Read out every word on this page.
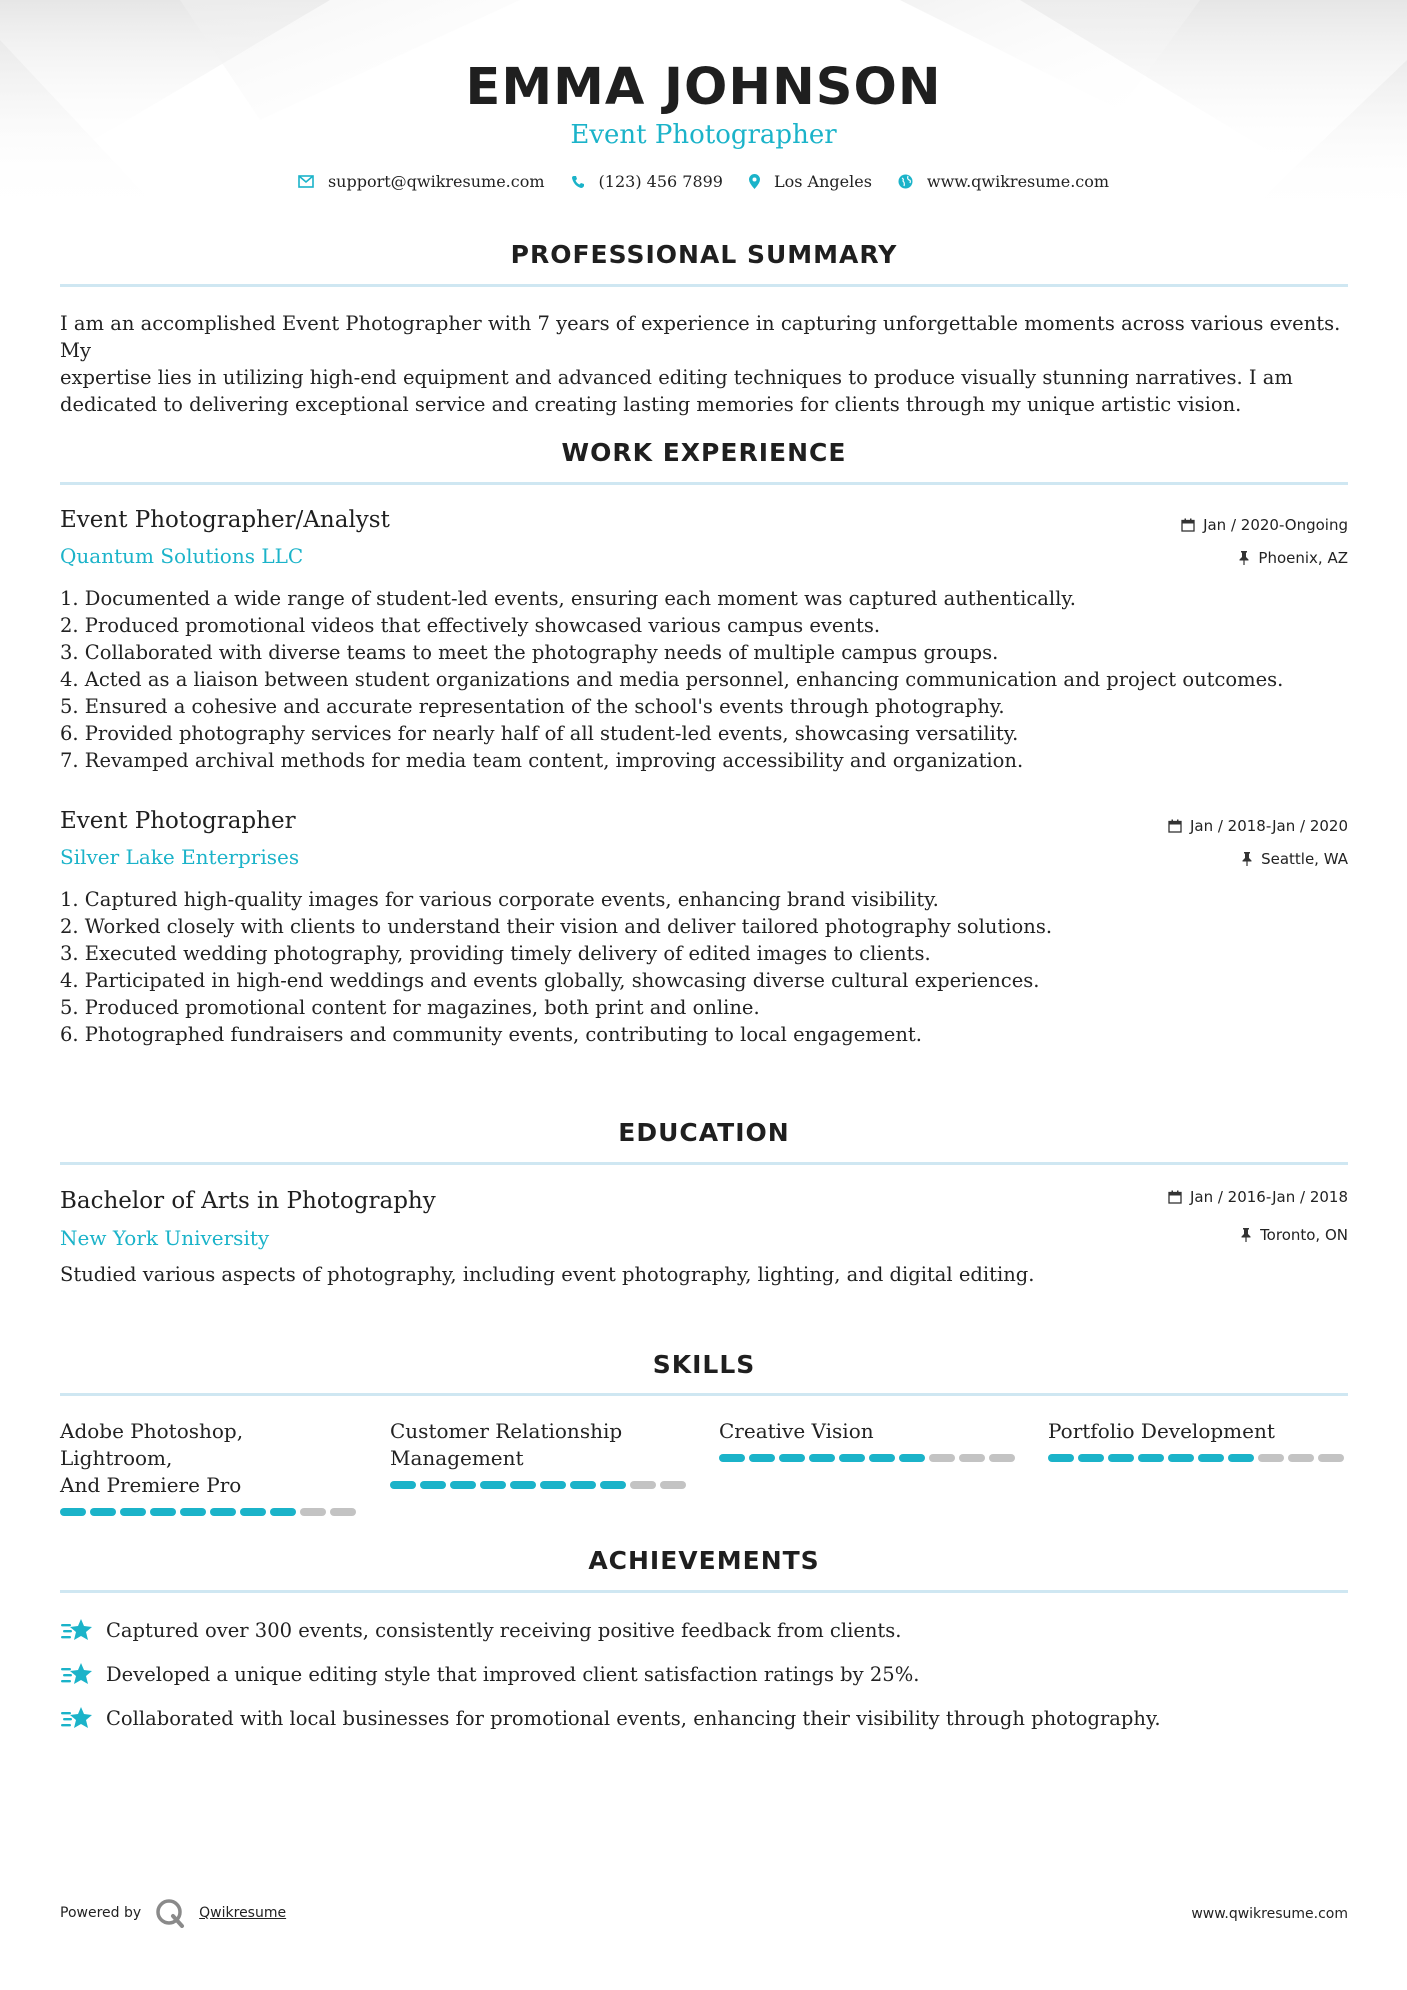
EMMA JOHNSON
Event Photographer
support@qwikresume.com	(123) 456 7899	Los Angeles	www.qwikresume.com
PROFESSIONAL SUMMARY
I am an accomplished Event Photographer with 7 years of experience in capturing unforgettable moments across various events. My
expertise lies in utilizing high-end equipment and advanced editing techniques to produce visually stunning narratives. I am
dedicated to delivering exceptional service and creating lasting memories for clients through my unique artistic vision.
WORK EXPERIENCE
Event Photographer/Analyst
Quantum Solutions LLC
Jan / 2020-Ongoing
Phoenix, AZ
1. Documented a wide range of student-led events, ensuring each moment was captured authentically.
2. Produced promotional videos that effectively showcased various campus events.
3. Collaborated with diverse teams to meet the photography needs of multiple campus groups.
4. Acted as a liaison between student organizations and media personnel, enhancing communication and project outcomes.
5. Ensured a cohesive and accurate representation of the school's events through photography.
6. Provided photography services for nearly half of all student-led events, showcasing versatility.
7. Revamped archival methods for media team content, improving accessibility and organization.
Event Photographer
Silver Lake Enterprises
Jan / 2018-Jan / 2020
Seattle, WA
1. Captured high-quality images for various corporate events, enhancing brand visibility.
2. Worked closely with clients to understand their vision and deliver tailored photography solutions.
3. Executed wedding photography, providing timely delivery of edited images to clients.
4. Participated in high-end weddings and events globally, showcasing diverse cultural experiences.
5. Produced promotional content for magazines, both print and online.
6. Photographed fundraisers and community events, contributing to local engagement.
EDUCATION
Bachelor of Arts in Photography
New York University
Jan / 2016-Jan / 2018
Toronto, ON
Studied various aspects of photography, including event photography, lighting, and digital editing.
SKILLS
Adobe Photoshop, Lightroom,
And Premiere Pro
Customer Relationship
Management
Creative Vision	Portfolio Development
ACHIEVEMENTS
Captured over 300 events, consistently receiving positive feedback from clients.
Developed a unique editing style that improved client satisfaction ratings by 25%.
Collaborated with local businesses for promotional events, enhancing their visibility through photography.
Powered by	Qwikresume	www.qwikresume.com
